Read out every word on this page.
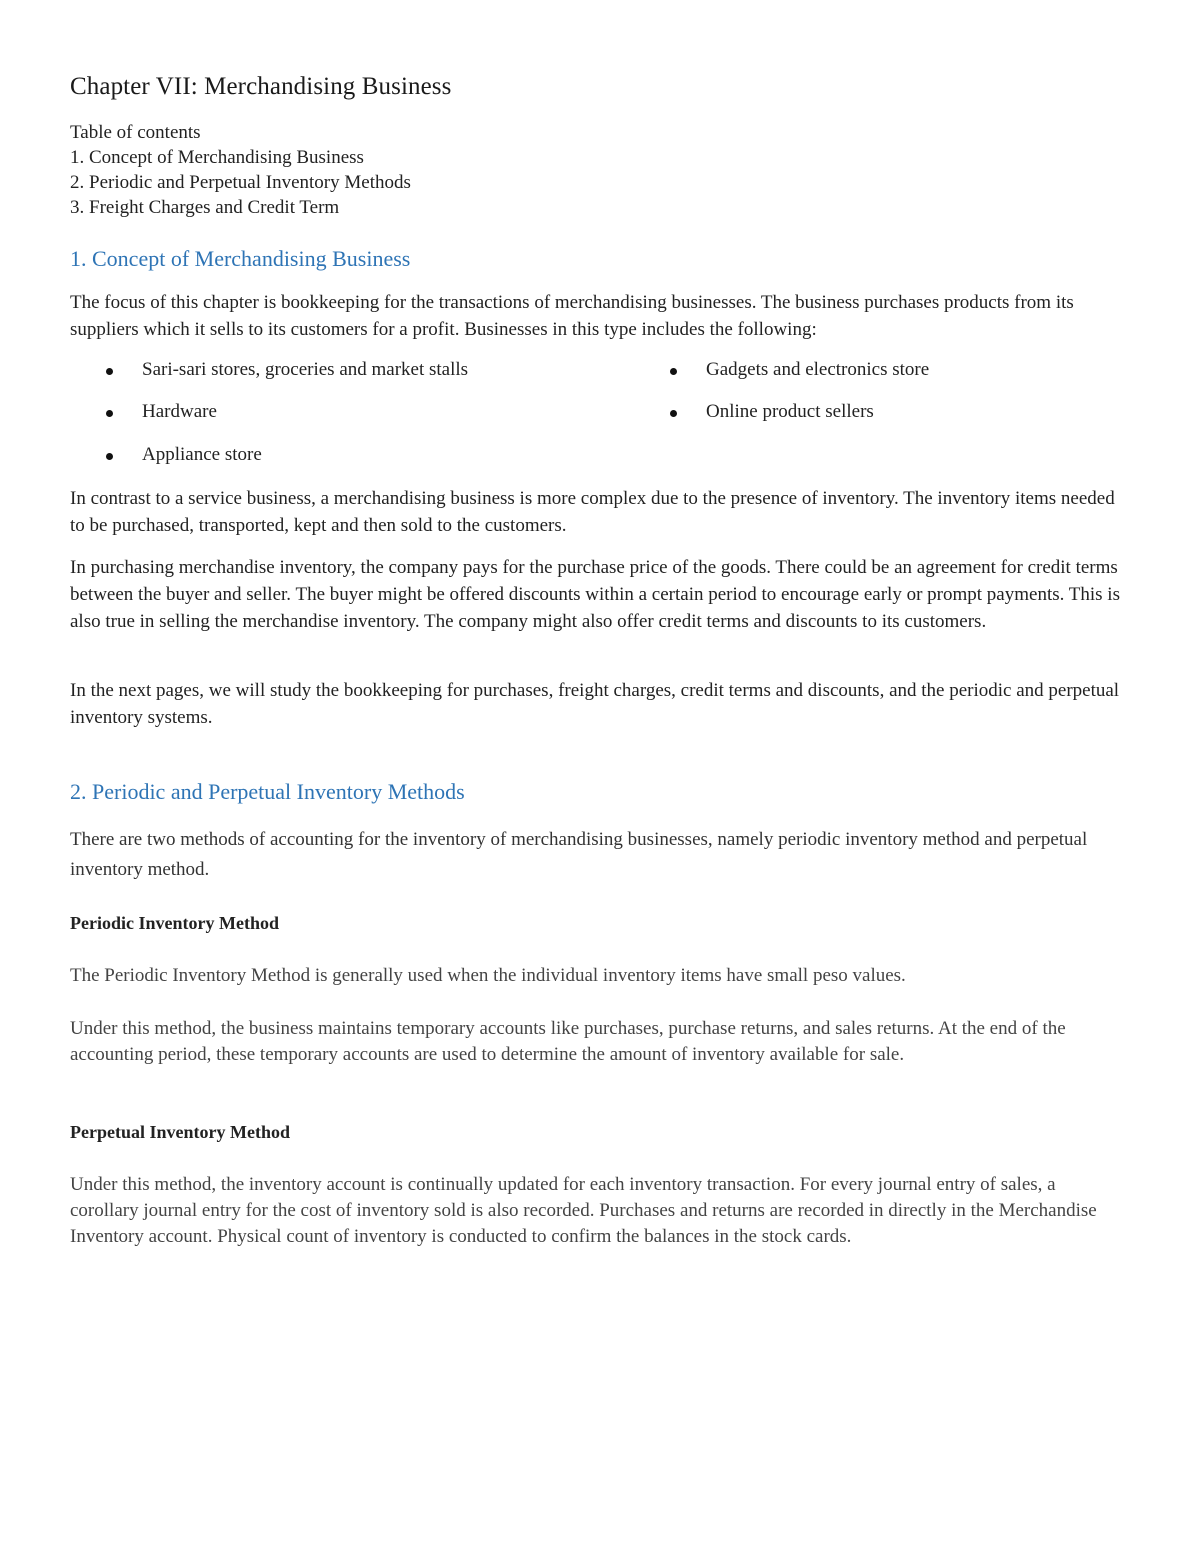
Chapter VII: Merchandising Business
Table of contents
1. Concept of Merchandising Business
2. Periodic and Perpetual Inventory Methods
3. Freight Charges and Credit Term
1. Concept of Merchandising Business

The focus of this chapter is bookkeeping for the transactions of merchandising businesses. The business purchases products from its suppliers which it sells to its customers for a profit. Businesses in this type includes the following:

Sari-sari stores, groceries and market stalls
Hardware
Appliance store
Gadgets and electronics store
Online product sellers

In contrast to a service business, a merchandising business is more complex due to the presence of inventory. The inventory items needed to be purchased, transported, kept and then sold to the customers.

In purchasing merchandise inventory, the company pays for the purchase price of the goods. There could be an agreement for credit terms between the buyer and seller. The buyer might be offered discounts within a certain period to encourage early or prompt payments. This is also true in selling the merchandise inventory. The company might also offer credit terms and discounts to its customers.

In the next pages, we will study the bookkeeping for purchases, freight charges, credit terms and discounts, and the periodic and perpetual inventory systems.

2. Periodic and Perpetual Inventory Methods

There are two methods of accounting for the inventory of merchandising businesses, namely periodic inventory method and perpetual inventory method.

Periodic Inventory Method

The Periodic Inventory Method is generally used when the individual inventory items have small peso values.

Under this method, the business maintains temporary accounts like purchases, purchase returns, and sales returns. At the end of the accounting period, these temporary accounts are used to determine the amount of inventory available for sale.

Perpetual Inventory Method

Under this method, the inventory account is continually updated for each inventory transaction. For every journal entry of sales, a corollary journal entry for the cost of inventory sold is also recorded. Purchases and returns are recorded in directly in the Merchandise Inventory account. Physical count of inventory is conducted to confirm the balances in the stock cards.
